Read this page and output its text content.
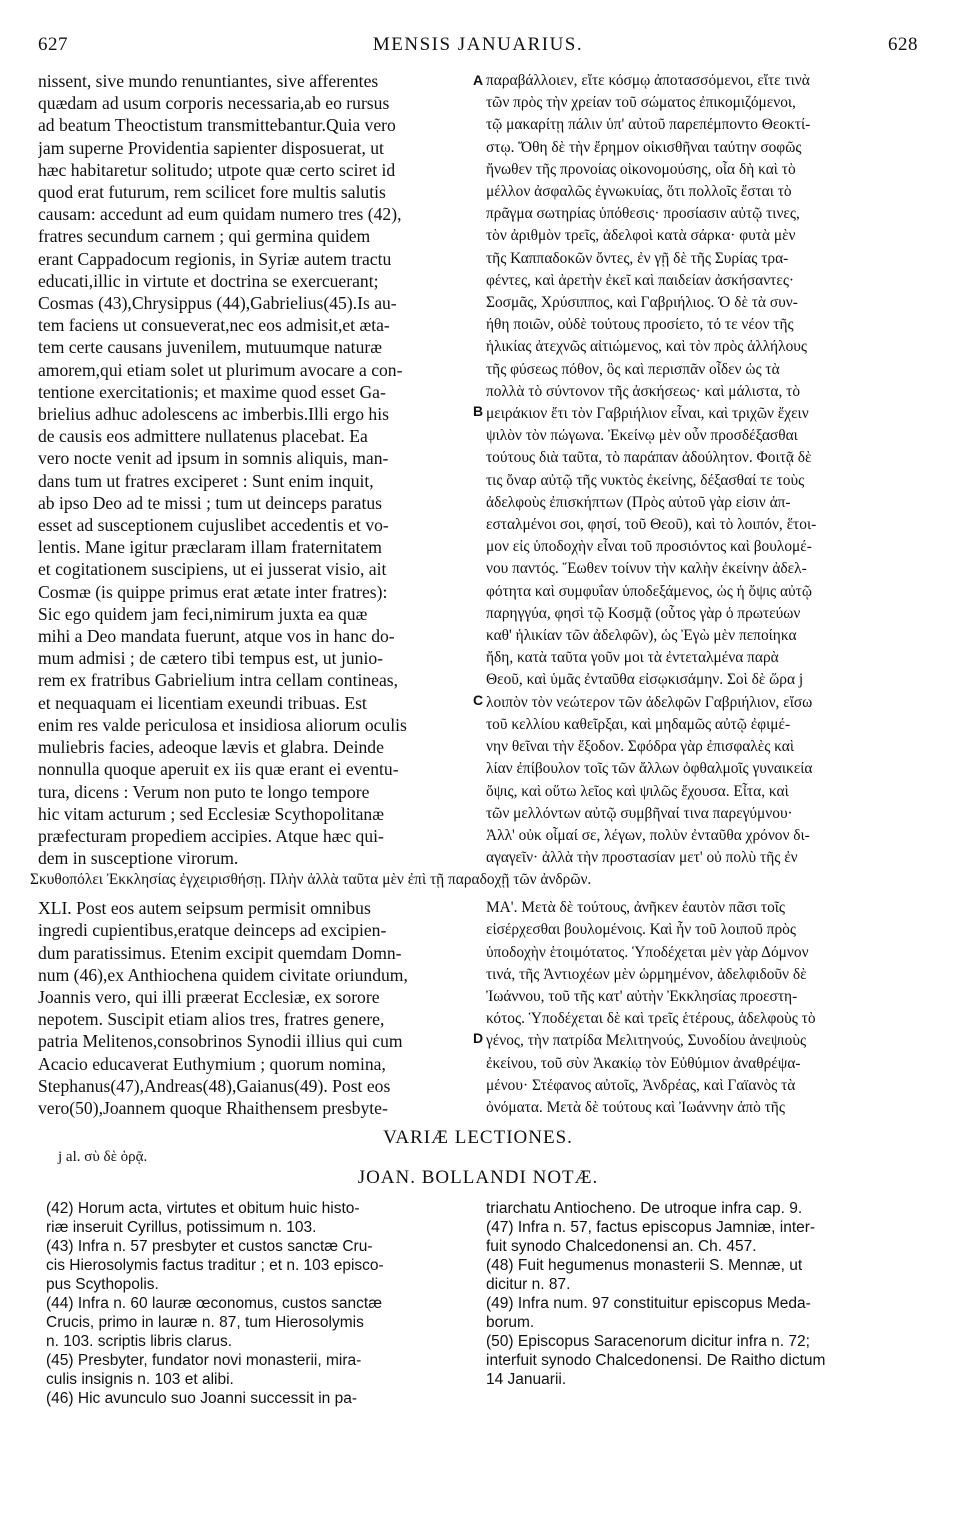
627	MENSIS JANUARIUS.	628
nissent, sive mundo renuntiantes, sive afferentes
quædam ad usum corporis necessaria,ab eo rursus
ad beatum Theoctistum transmittebantur.Quia vero
jam superne Providentia sapienter disposuerat, ut
hæc habitaretur solitudo; utpote quæ certo sciret id
quod erat futurum, rem scilicet fore multis salutis
causam: accedunt ad eum quidam numero tres (42),
fratres secundum carnem ; qui germina quidem
erant Cappadocum regionis, in Syriæ autem tractu
educati,illic in virtute et doctrina se exercuerant;
Cosmas (43),Chrysippus (44),Gabrielius(45).Is au-
tem faciens ut consueverat,nec eos admisit,et ætа-
tem certe causans juvenilem, mutuumque naturæ
amorem,qui etiam solet ut plurimum avocare a con-
tentione exercitationis; et maxime quod esset Ga-
brielius adhuc adolescens ac imberbis.Illi ergo his
de causis eos admittere nullatenus placebat. Ea
vero nocte venit ad ipsum in somnis aliquis, man-
dans tum ut fratres exciperet : Sunt enim inquit,
ab ipso Deo ad te missi ; tum ut deinceps paratus
esset ad susceptionem cujuslibet accedentis et vo-
lentis. Mane igitur præclaram illam fraternitatem
et cogitationem suscipiens, ut ei jusserat visio, ait
Cosmæ (is quippe primus erat ætate inter fratres):
Sic ego quidem jam feci,nimirum juxta ea quæ
mihi a Deo mandata fuerunt, atque vos in hanc do-
mum admisi ; de cætero tibi tempus est, ut junio-
rem ex fratribus Gabrielium intra cellam contineas,
et nequaquam ei licentiam exeundi tribuas. Est
enim res valde periculosa et insidiosa aliorum oculis
muliebris facies, adeoque lævis et glabra. Deinde
nonnulla quoque aperuit ex iis quæ erant ei eventu-
tura, dicens : Verum non puto te longo tempore
hic vitam acturum ; sed Ecclesiæ Scythopolitanæ
præfecturam propediem accipies. Atque hæc qui-
dem in susceptione virorum.
παραβάλλοιεν, εἴτε κόσμῳ ἀποτασσόμενοι, εἴτε τινὰ
τῶν πρὸς τὴν χρείαν τοῦ σώματος ἐπικομιζόμενοι,
τῷ μακαρίτῃ πάλιν ὑπ' αὐτοῦ παρεπέμποντο Θεοκτί-
στῳ. Ὅθη δὲ τὴν ἔρημον οἰκισθῆναι ταύτην σοφῶς
ἤνωθεν τῆς προνοίας οἰκονομούσης, οἷα δὴ καὶ τὸ
μέλλον ἀσφαλῶς ἐγνωκυίας, ὅτι πολλοῖς ἔσται τὸ
πρᾶγμα σωτηρίας ὑπόθεσις· προσίασιν αὐτῷ τινες,
τὸν ἀριθμὸν τρεῖς, ἀδελφοὶ κατὰ σάρκα· φυτὰ μὲν
τῆς Καππαδοκῶν ὄντες, ἐν γῇ δὲ τῆς Συρίας τρα-
φέντες, καὶ ἀρετὴν ἐκεῖ καὶ παιδείαν ἀσκήσαντες·
Σοσμᾶς, Χρύσιππος, καὶ Γαβριήλιος. Ὁ δὲ τὰ συν-
ήθη ποιῶν, οὐδὲ τούτους προσίετο, τό τε νέον τῆς
ἡλικίας ἀτεχνῶς αἰτιώμενος, καὶ τὸν πρὸς ἀλλήλους
τῆς φύσεως πόθον, ὃς καὶ περισπᾶν οἶδεν ὡς τὰ
πολλὰ τὸ σύντονον τῆς ἀσκήσεως· καὶ μάλιστα, τὸ
μειράκιον ἔτι τὸν Γαβριήλιον εἶναι, καὶ τριχῶν ἔχειν
ψιλὸν τὸν πώγωνα. Ἐκείνῳ μὲν οὖν προσδέξασθαι
τούτους διὰ ταῦτα, τὸ παράπαν ἀδούλητον. Φοιτᾷ δὲ
τις ὄναρ αὐτῷ τῆς νυκτὸς ἐκείνης, δέξασθαί τε τοὺς
ἀδελφοὺς ἐπισκήπτων (Πρὸς αὐτοῦ γὰρ εἰσιν ἀπ-
εσταλμένοι σοι, φησί, τοῦ Θεοῦ), καὶ τὸ λοιπόν, ἕτοι-
μον εἰς ὑποδοχὴν εἶναι τοῦ προσιόντος καὶ βουλομέ-
νου παντός. Ἕωθεν τοίνυν τὴν καλὴν ἐκείνην ἀδελ-
φότητα καὶ συμφυΐαν ὑποδεξάμενος, ὡς ἡ ὄψις αὐτῷ
παρηγγύα, φησὶ τῷ Κοσμᾷ (οὗτος γὰρ ὁ πρωτεύων
καθ' ἡλικίαν τῶν ἀδελφῶν), ὡς Ἐγὼ μὲν πεποίηκα
ἤδη, κατὰ ταῦτα γοῦν μοι τὰ ἐντεταλμένα παρὰ
Θεοῦ, καὶ ὑμᾶς ἐνταῦθα εἰσῳκισάμην. Σοὶ δὲ ὥρα j
λοιπὸν τὸν νεώτερον τῶν ἀδελφῶν Γαβριήλιον, εἴσω
τοῦ κελλίου καθεῖρξαι, καὶ μηδαμῶς αὐτῷ ἐφιμέ-
νην θεῖναι τὴν ἔξοδον. Σφόδρα γὰρ ἐπισφαλὲς καὶ
λίαν ἐπίβουλον τοῖς τῶν ἄλλων ὀφθαλμοῖς γυναικεία
ὄψις, καὶ οὕτω λεῖος καὶ ψιλῶς ἔχουσα. Εἶτα, καὶ
τῶν μελλόντων αὐτῷ συμβῆναί τινα παρεγύμνου·
Ἀλλ' οὐκ οἶμαί σε, λέγων, πολὺν ἐνταῦθα χρόνον δι-
αγαγεῖν· ἀλλὰ τὴν προστασίαν μετ' οὐ πολὺ τῆς ἐν
A
B
C
Σκυθοπόλει Ἐκκλησίας ἐγχειρισθήσῃ. Πλὴν ἀλλὰ ταῦτα μὲν ἐπὶ τῇ παραδοχῇ τῶν ἀνδρῶν.
XLI. Post eos autem seipsum permisit omnibus
ingredi cupientibus,eratque deinceps ad excipien-
dum paratissimus. Etenim excipit quemdam Domn-
num (46),ex Anthiochena quidem civitate oriundum,
Joannis vero, qui illi præerat Ecclesiæ, ex sorore
nepotem. Suscipit etiam alios tres, fratres genere,
patria Melitenos,consobrinos Synodii illius qui cum
Acacio educaverat Euthymium ; quorum nomina,
Stephanus(47),Andreas(48),Gaianus(49). Post eos
vero(50),Joannem quoque Rhaithensem presbyte-
ΜΑ'. Μετὰ δὲ τούτους, ἀνῆκεν ἑαυτὸν πᾶσι τοῖς
εἰσέρχεσθαι βουλομένοις. Καὶ ἦν τοῦ λοιποῦ πρὸς
ὑποδοχὴν ἑτοιμότατος. Ὑποδέχεται μὲν γὰρ Δόμνον
τινά, τῆς Ἀντιοχέων μὲν ὡρμημένον, ἀδελφιδοῦν δὲ
Ἰωάννου, τοῦ τῆς κατ' αὐτὴν Ἐκκλησίας προεστη-
κότος. Ὑποδέχεται δὲ καὶ τρεῖς ἑτέρους, ἀδελφοὺς τὸ
γένος, τὴν πατρίδα Μελιτηνούς, Συνοδίου ἀνεψιοὺς
ἐκείνου, τοῦ σὺν Ἀκακίῳ τὸν Εὐθύμιον ἀναθρέψα-
μένου· Στέφανος αὐτοῖς, Ἀνδρέας, καὶ Γαϊανὸς τὰ
ὀνόματα. Μετὰ δὲ τούτους καὶ Ἰωάννην ἀπὸ τῆς
D
VARIÆ LECTIONES.
j al. σὺ δὲ ὁρᾷ.
JOAN. BOLLANDI NOTÆ.
(42) Horum acta, virtutes et obitum huic histo-
riæ inseruit Cyrillus, potissimum n. 103.
(43) Infra n. 57 presbyter et custos sanctæ Cru-
cis Hierosolymis factus traditur ; et n. 103 episco-
pus Scythopolis.
(44) Infra n. 60 lauræ œconomus, custos sanctæ
Crucis, primo in lauræ n. 87, tum Hierosolymis
n. 103. scriptis libris clarus.
(45) Presbyter, fundator novi monasterii, mira-
culis insignis n. 103 et alibi.
(46) Hic avunculo suo Joanni successit in pa-
triarchatu Antiocheno. De utroque infra cap. 9.
(47) Infra n. 57, factus episcopus Jamniæ, inter-
fuit synodo Chalcedonensi an. Ch. 457.
(48) Fuit hegumenus monasterii S. Mennæ, ut
dicitur n. 87.
(49) Infra num. 97 constituitur episcopus Meda-
borum.
(50) Episcopus Saracenorum dicitur infra n. 72;
interfuit synodo Chalcedonensi. De Raitho dictum
14 Januarii.
